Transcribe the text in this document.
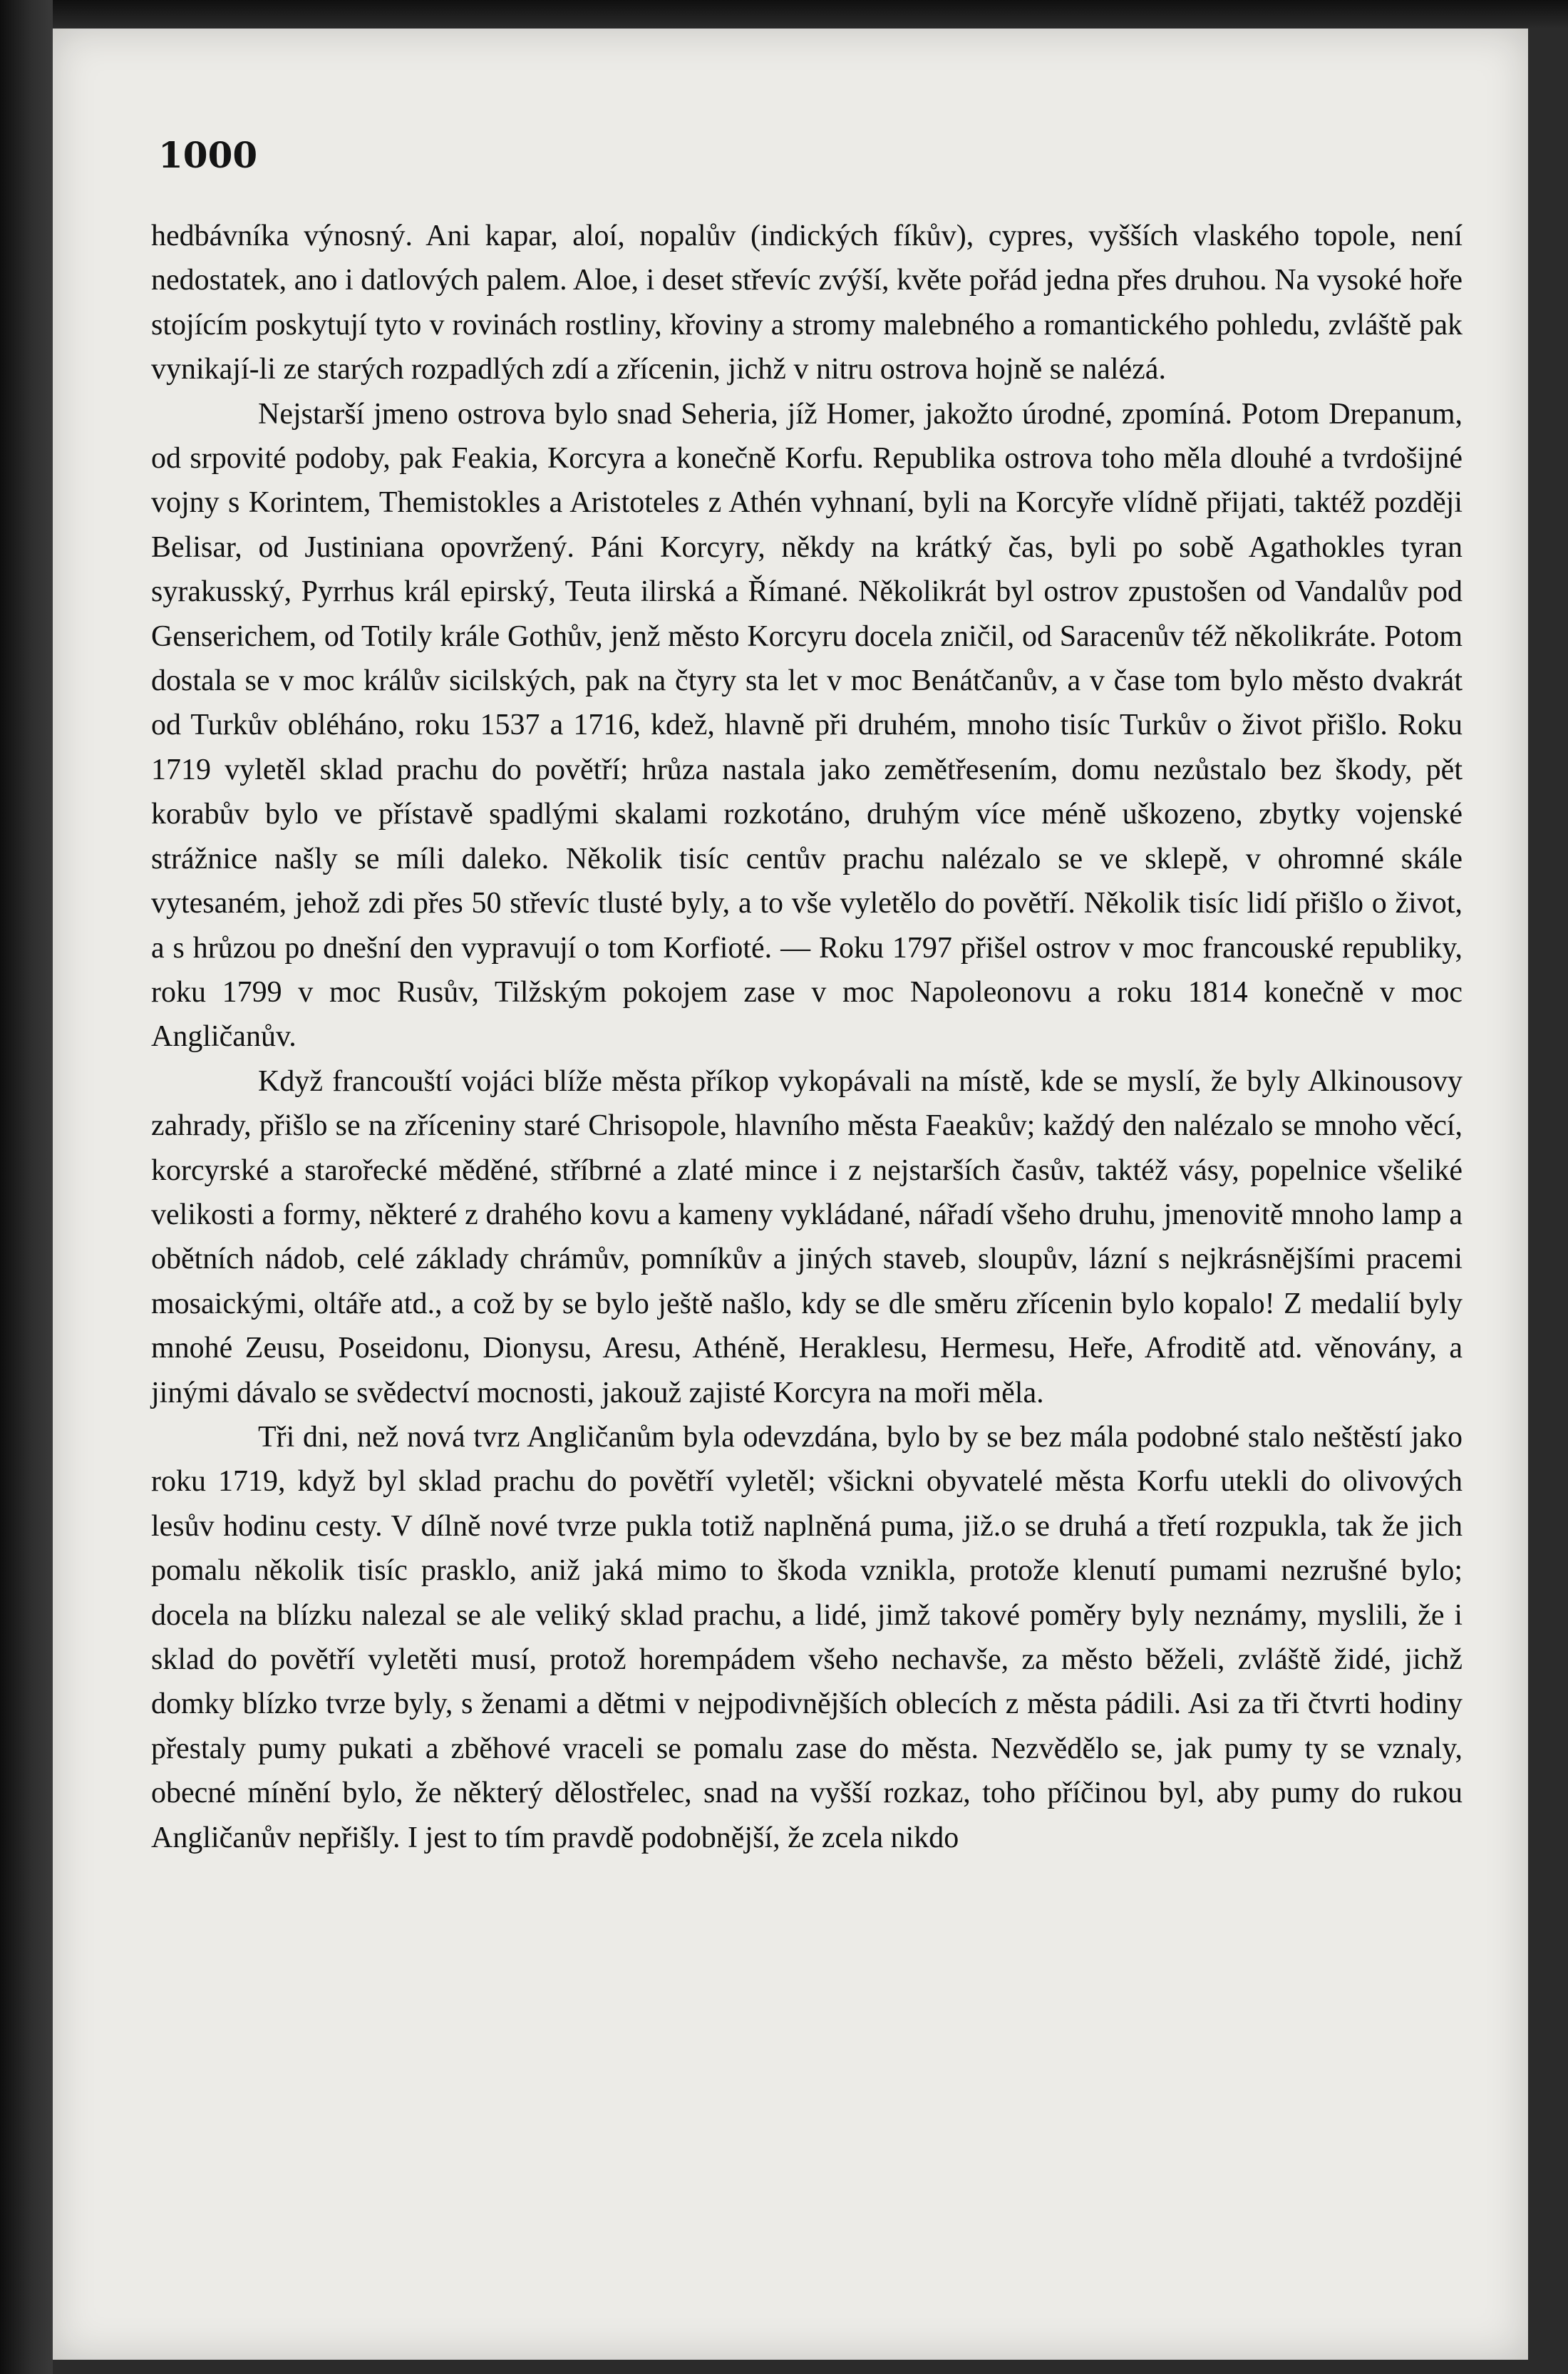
1000

hedbávníka výnosný. Ani kapar, aloí, nopalův (indických fíkův), cypres, vyšších vlaského topole, není nedostatek, ano i datlových palem. Aloe, i deset střevíc zvýší, květe pořád jedna přes druhou. Na vysoké hoře stojícím poskytují tyto v rovinách rostliny, křoviny a stromy malebného a romantického pohledu, zvláště pak vynikají-li ze starých rozpadlých zdí a zřícenin, jichž v nitru ostrova hojně se nalézá.

Nejstarší jmeno ostrova bylo snad Seheria, jíž Homer, jakožto úrodné, zpomíná. Potom Drepanum, od srpovité podoby, pak Feakia, Korcyra a konečně Korfu. Republika ostrova toho měla dlouhé a tvrdošijné vojny s Korintem, Themistokles a Aristoteles z Athén vyhnaní, byli na Korcyře vlídně přijati, taktéž později Belisar, od Justiniana opovržený. Páni Korcyry, někdy na krátký čas, byli po sobě Agathokles tyran syrakusský, Pyrrhus král epirský, Teuta ilirská a Římané. Několikrát byl ostrov zpustošen od Vandalův pod Genserichem, od Totily krále Gothův, jenž město Korcyru docela zničil, od Saracenův též několikráte. Potom dostala se v moc králův sicilských, pak na čtyry sta let v moc Benátčanův, a v čase tom bylo město dvakrát od Turkův obléháno, roku 1537 a 1716, kdež, hlavně při druhém, mnoho tisíc Turkův o život přišlo. Roku 1719 vyletěl sklad prachu do povětří; hrůza nastala jako zemětřesením, domu nezůstalo bez škody, pět korabův bylo ve přístavě spadlými skalami rozkotáno, druhým více méně uškozeno, zbytky vojenské strážnice našly se míli daleko. Několik tisíc centův prachu nalézalo se ve sklepě, v ohromné skále vytesaném, jehož zdi přes 50 střevíc tlusté byly, a to vše vyletělo do povětří. Několik tisíc lidí přišlo o život, a s hrůzou po dnešní den vypravují o tom Korfioté. — Roku 1797 přišel ostrov v moc francouské republiky, roku 1799 v moc Rusův, Tilžským pokojem zase v moc Napoleonovu a roku 1814 konečně v moc Angličanův.

Když francouští vojáci blíže města příkop vykopávali na místě, kde se myslí, že byly Alkinousovy zahrady, přišlo se na zříceniny staré Chrisopole, hlavního města Faeakův; každý den nalézalo se mnoho věcí, korcyrské a starořecké měděné, stříbrné a zlaté mince i z nejstarších časův, taktéž vásy, popelnice všeliké velikosti a formy, některé z drahého kovu a kameny vykládané, nářadí všeho druhu, jmenovitě mnoho lamp a obětních nádob, celé základy chrámův, pomníkův a jiných staveb, sloupův, lázní s nejkrásnějšími pracemi mosaickými, oltáře atd., a což by se bylo ještě našlo, kdy se dle směru zřícenin bylo kopalo! Z medalií byly mnohé Zeusu, Poseidonu, Dionysu, Aresu, Athéně, Heraklesu, Hermesu, Heře, Afroditě atd. věnovány, a jinými dávalo se svědectví mocnosti, jakouž zajisté Korcyra na moři měla.

Tři dni, než nová tvrz Angličanům byla odevzdána, bylo by se bez mála podobné stalo neštěstí jako roku 1719, když byl sklad prachu do povětří vyletěl; všickni obyvatelé města Korfu utekli do olivových lesův hodinu cesty. V dílně nové tvrze pukla totiž naplněná puma, již.o se druhá a třetí rozpukla, tak že jich pomalu několik tisíc prasklo, aniž jaká mimo to škoda vznikla, protože klenutí pumami nezrušné bylo; docela na blízku nalezal se ale veliký sklad prachu, a lidé, jimž takové poměry byly neznámy, myslili, že i sklad do povětří vyletěti musí, protož horempádem všeho nechavše, za město běželi, zvláště židé, jichž domky blízko tvrze byly, s ženami a dětmi v nejpodivnějších oblecích z města pádili. Asi za tři čtvrti hodiny přestaly pumy pukati a zběhové vraceli se pomalu zase do města. Nezvědělo se, jak pumy ty se vznaly, obecné mínění bylo, že některý dělostřelec, snad na vyšší rozkaz, toho příčinou byl, aby pumy do rukou Angličanův nepřišly. I jest to tím pravdě podobnější, že zcela nikdo
